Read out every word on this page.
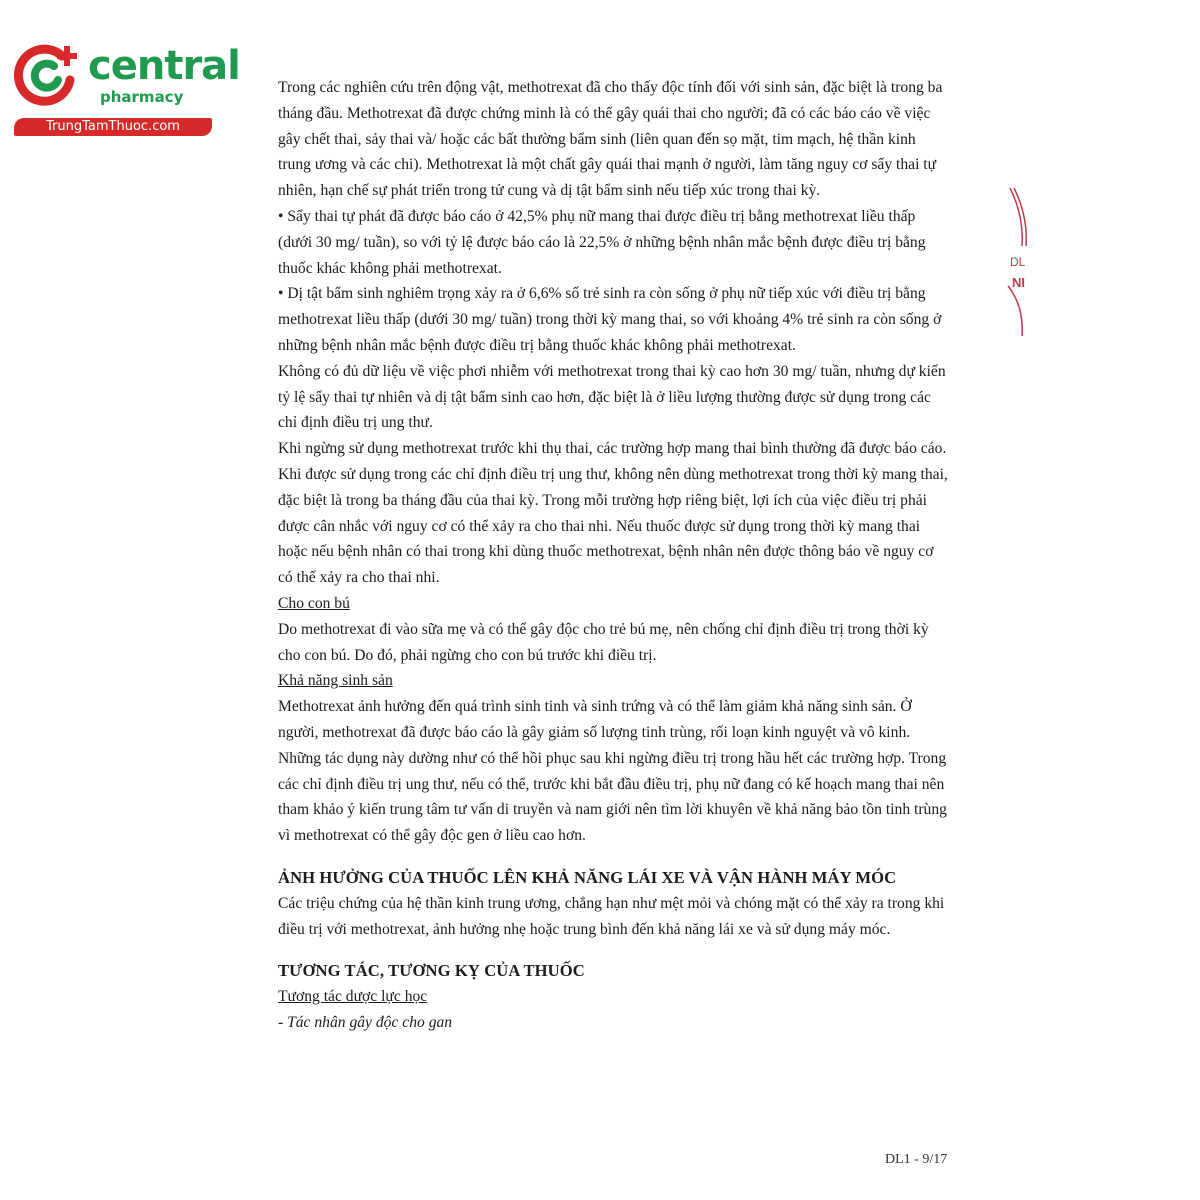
central
pharmacy
TrungTamThuoc.com
DL
NI

Trong các nghiên cứu trên động vật, methotrexat đã cho thấy độc tính đối với sinh sản, đặc biệt là trong ba tháng đầu. Methotrexat đã được chứng minh là có thể gây quái thai cho người; đã có các báo cáo về việc gây chết thai, sảy thai và/ hoặc các bất thường bẩm sinh (liên quan đến sọ mặt, tim mạch, hệ thần kinh trung ương và các chi). Methotrexat là một chất gây quái thai mạnh ở người, làm tăng nguy cơ sẩy thai tự nhiên, hạn chế sự phát triển trong tử cung và dị tật bẩm sinh nếu tiếp xúc trong thai kỳ.

• Sẩy thai tự phát đã được báo cáo ở 42,5% phụ nữ mang thai được điều trị bằng methotrexat liều thấp (dưới 30 mg/ tuần), so với tỷ lệ được báo cáo là 22,5% ở những bệnh nhân mắc bệnh được điều trị bằng thuốc khác không phải methotrexat.

• Dị tật bẩm sinh nghiêm trọng xảy ra ở 6,6% số trẻ sinh ra còn sống ở phụ nữ tiếp xúc với điều trị bằng methotrexat liều thấp (dưới 30 mg/ tuần) trong thời kỳ mang thai, so với khoảng 4% trẻ sinh ra còn sống ở những bệnh nhân mắc bệnh được điều trị bằng thuốc khác không phải methotrexat.

Không có đủ dữ liệu về việc phơi nhiễm với methotrexat trong thai kỳ cao hơn 30 mg/ tuần, nhưng dự kiến tỷ lệ sẩy thai tự nhiên và dị tật bẩm sinh cao hơn, đặc biệt là ở liều lượng thường được sử dụng trong các chỉ định điều trị ung thư.

Khi ngừng sử dụng methotrexat trước khi thụ thai, các trường hợp mang thai bình thường đã được báo cáo.

Khi được sử dụng trong các chỉ định điều trị ung thư, không nên dùng methotrexat trong thời kỳ mang thai, đặc biệt là trong ba tháng đầu của thai kỳ. Trong mỗi trường hợp riêng biệt, lợi ích của việc điều trị phải được cân nhắc với nguy cơ có thể xảy ra cho thai nhi. Nếu thuốc được sử dụng trong thời kỳ mang thai hoặc nếu bệnh nhân có thai trong khi dùng thuốc methotrexat, bệnh nhân nên được thông báo về nguy cơ có thể xảy ra cho thai nhi.

Cho con bú

Do methotrexat đi vào sữa mẹ và có thể gây độc cho trẻ bú mẹ, nên chống chỉ định điều trị trong thời kỳ cho con bú. Do đó, phải ngừng cho con bú trước khi điều trị.

Khả năng sinh sản

Methotrexat ảnh hưởng đến quá trình sinh tinh và sinh trứng và có thể làm giảm khả năng sinh sản. Ở người, methotrexat đã được báo cáo là gây giảm số lượng tinh trùng, rối loạn kinh nguyệt và vô kinh. Những tác dụng này dường như có thể hồi phục sau khi ngừng điều trị trong hầu hết các trường hợp. Trong các chỉ định điều trị ung thư, nếu có thể, trước khi bắt đầu điều trị, phụ nữ đang có kế hoạch mang thai nên tham khảo ý kiến trung tâm tư vấn di truyền và nam giới nên tìm lời khuyên về khả năng bảo tồn tinh trùng vì methotrexat có thể gây độc gen ở liều cao hơn.

ẢNH HƯỞNG CỦA THUỐC LÊN KHẢ NĂNG LÁI XE VÀ VẬN HÀNH MÁY MÓC

Các triệu chứng của hệ thần kinh trung ương, chẳng hạn như mệt mỏi và chóng mặt có thể xảy ra trong khi điều trị với methotrexat, ảnh hưởng nhẹ hoặc trung bình đến khả năng lái xe và sử dụng máy móc.

TƯƠNG TÁC, TƯƠNG KỴ CỦA THUỐC

Tương tác dược lực học

- Tác nhân gây độc cho gan

DL1 - 9/17
